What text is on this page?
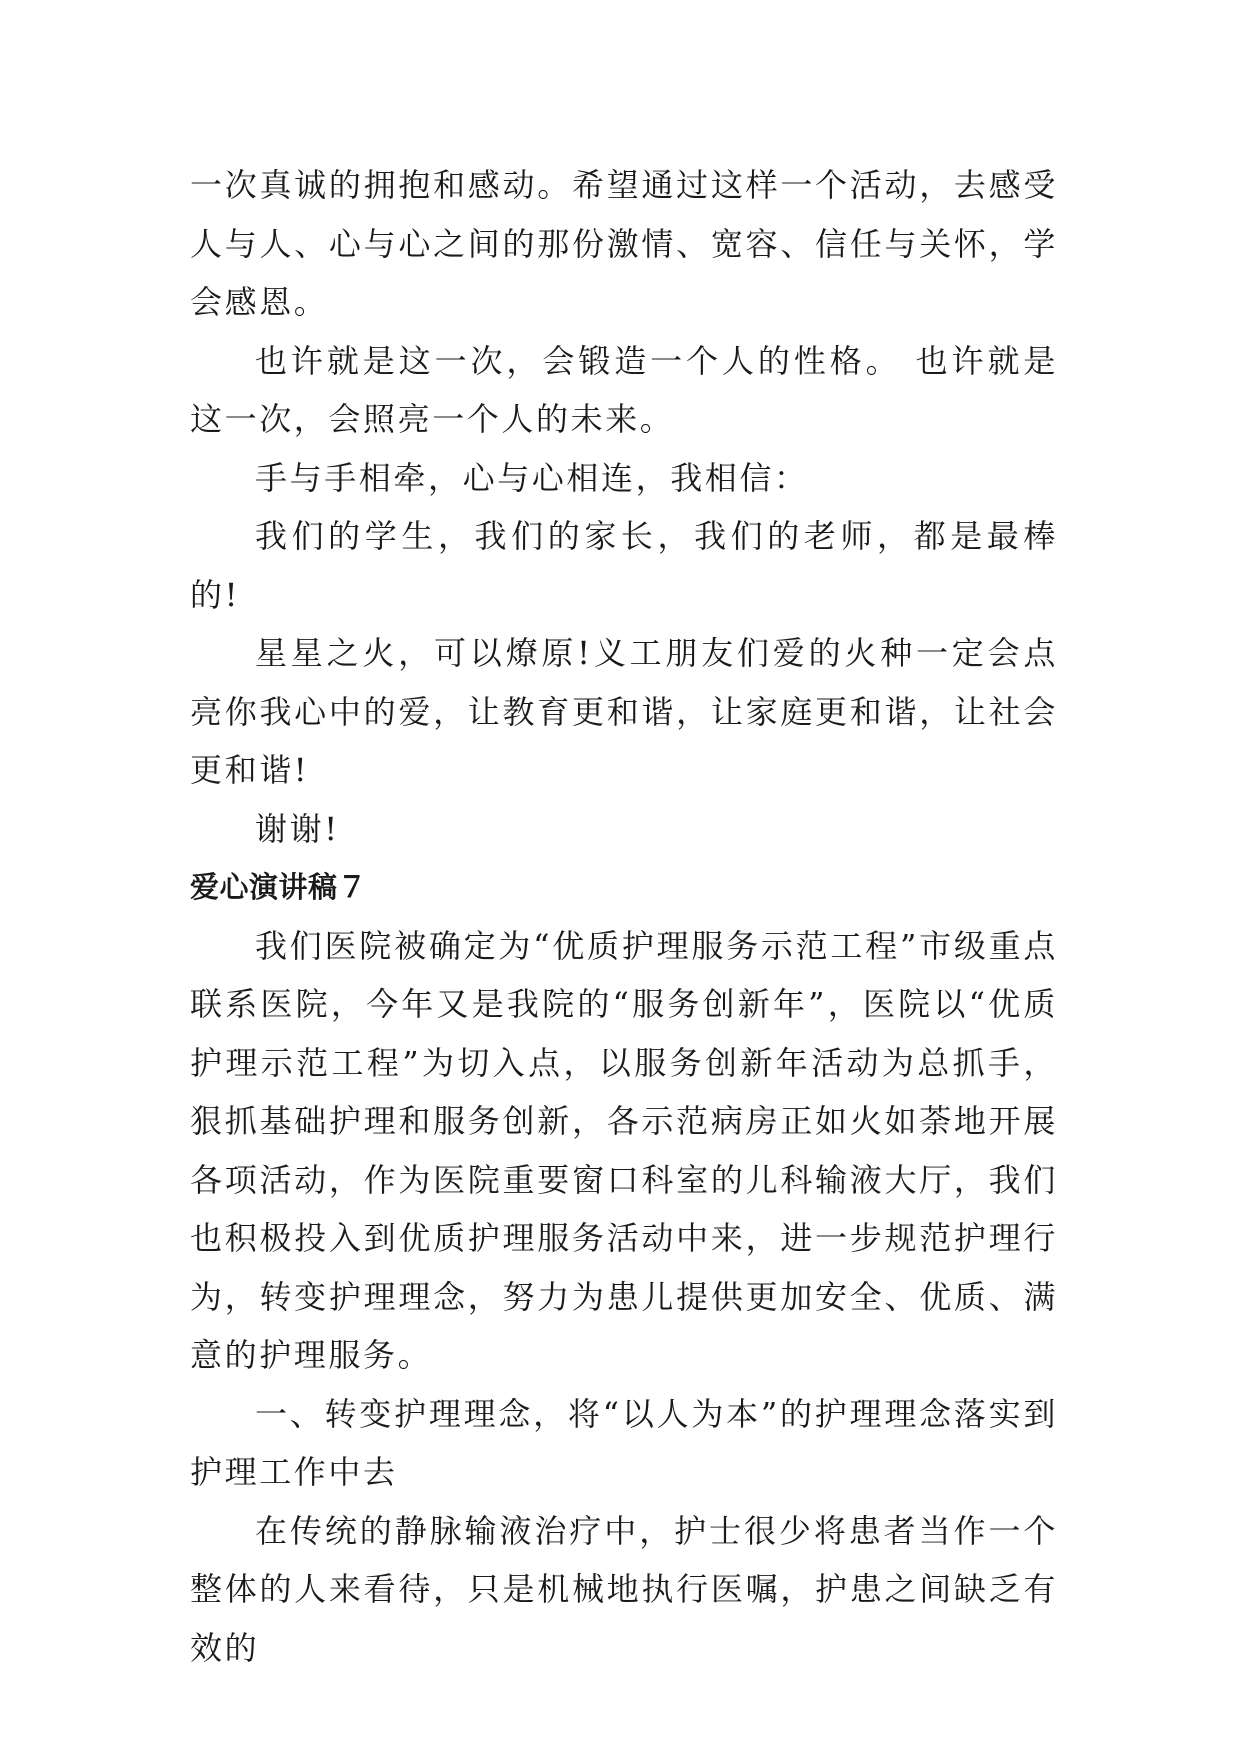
一次真诚的拥抱和感动。希望通过这样一个活动，去感受人与人、心与心之间的那份激情、宽容、信任与关怀，学会感恩。

也许就是这一次，会锻造一个人的性格。 也许就是这一次，会照亮一个人的未来。

手与手相牵，心与心相连，我相信：

我们的学生，我们的家长，我们的老师，都是最棒的!

星星之火，可以燎原!义工朋友们爱的火种一定会点亮你我心中的爱，让教育更和谐，让家庭更和谐，让社会更和谐!

谢谢!

爱心演讲稿７

我们医院被确定为“优质护理服务示范工程”市级重点联系医院，今年又是我院的“服务创新年”，医院以“优质护理示范工程”为切入点，以服务创新年活动为总抓手，狠抓基础护理和服务创新，各示范病房正如火如荼地开展各项活动，作为医院重要窗口科室的儿科输液大厅，我们也积极投入到优质护理服务活动中来，进一步规范护理行为，转变护理理念，努力为患儿提供更加安全、优质、满意的护理服务。

一、转变护理理念，将“以人为本”的护理理念落实到护理工作中去

在传统的静脉输液治疗中，护士很少将患者当作一个整体的人来看待，只是机械地执行医嘱，护患之间缺乏有效的
